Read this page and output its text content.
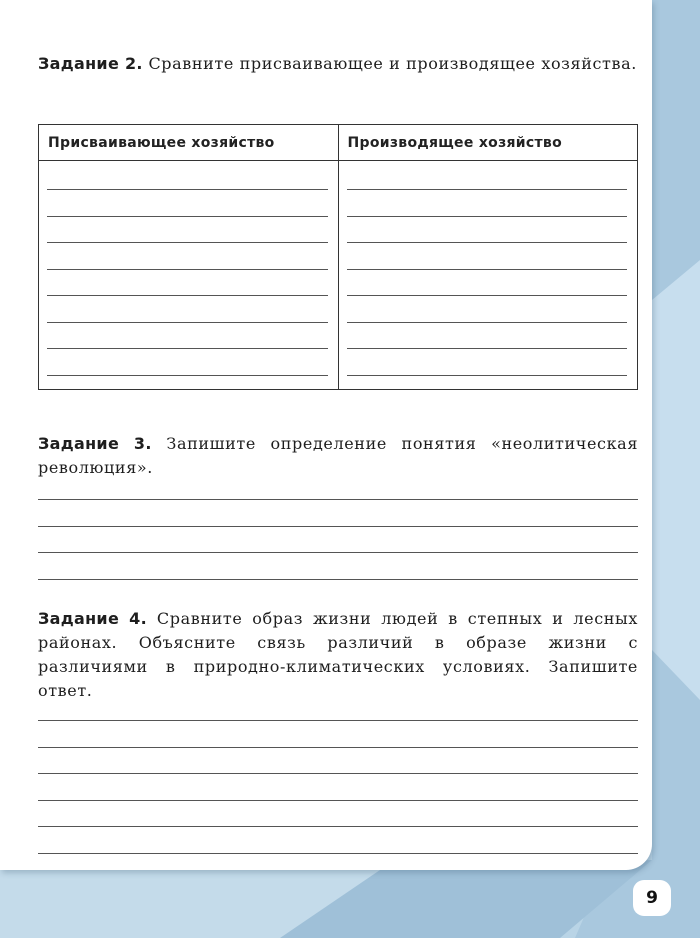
Задание 2. Сравните присваивающее и производящее хозяйства.
Присваивающее хозяйство	Производящее хозяйство

Задание 3. Запишите определение понятия «неолитическая революция».
Задание 4. Сравните образ жизни людей в степных и лесных районах. Объясните связь различий в образе жизни с различиями в природно-климатических условиях. Запишите ответ.
9
